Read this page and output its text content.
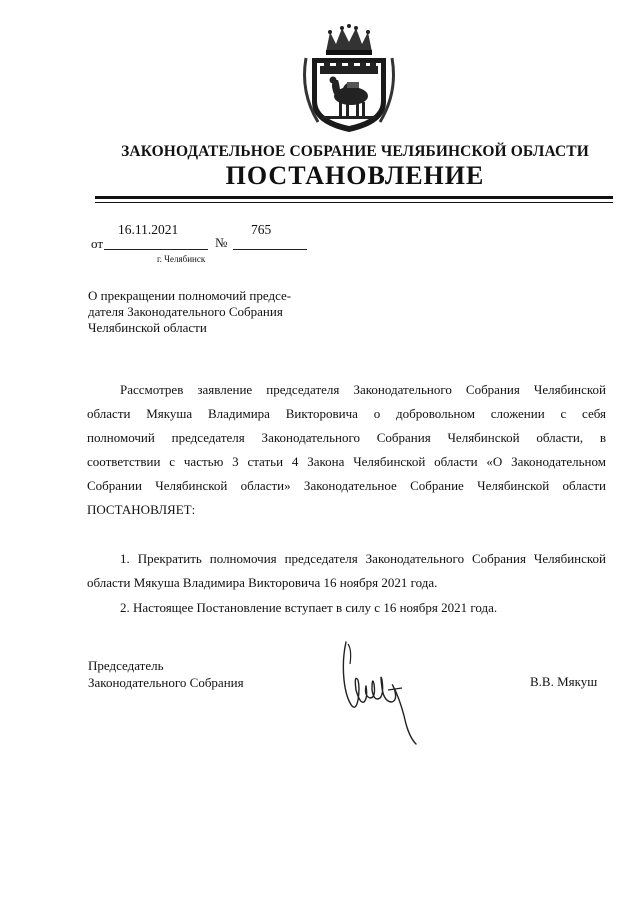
ЗАКОНОДАТЕЛЬНОЕ СОБРАНИЕ ЧЕЛЯБИНСКОЙ ОБЛАСТИ
ПОСТАНОВЛЕНИЕ
от
16.11.2021
№
765
г. Челябинск
О прекращении полномочий предсе-
дателя Законодательного Собрания
Челябинской области
Рассмотрев заявление председателя Законодательного Собрания Челябинской
области Мякуша Владимира Викторовича о добровольном сложении с себя
полномочий председателя Законодательного Собрания Челябинской области, в
соответствии с частью 3 статьи 4 Закона Челябинской области «О Законодательном
Собрании Челябинской области» Законодательное Собрание Челябинской области
ПОСТАНОВЛЯЕТ:
1. Прекратить полномочия председателя Законодательного Собрания Челябинской
области Мякуша Владимира Викторовича 16 ноября 2021 года.
2. Настоящее Постановление вступает в силу с 16 ноября 2021 года.
Председатель
Законодательного Собрания	В.В. Мякуш
